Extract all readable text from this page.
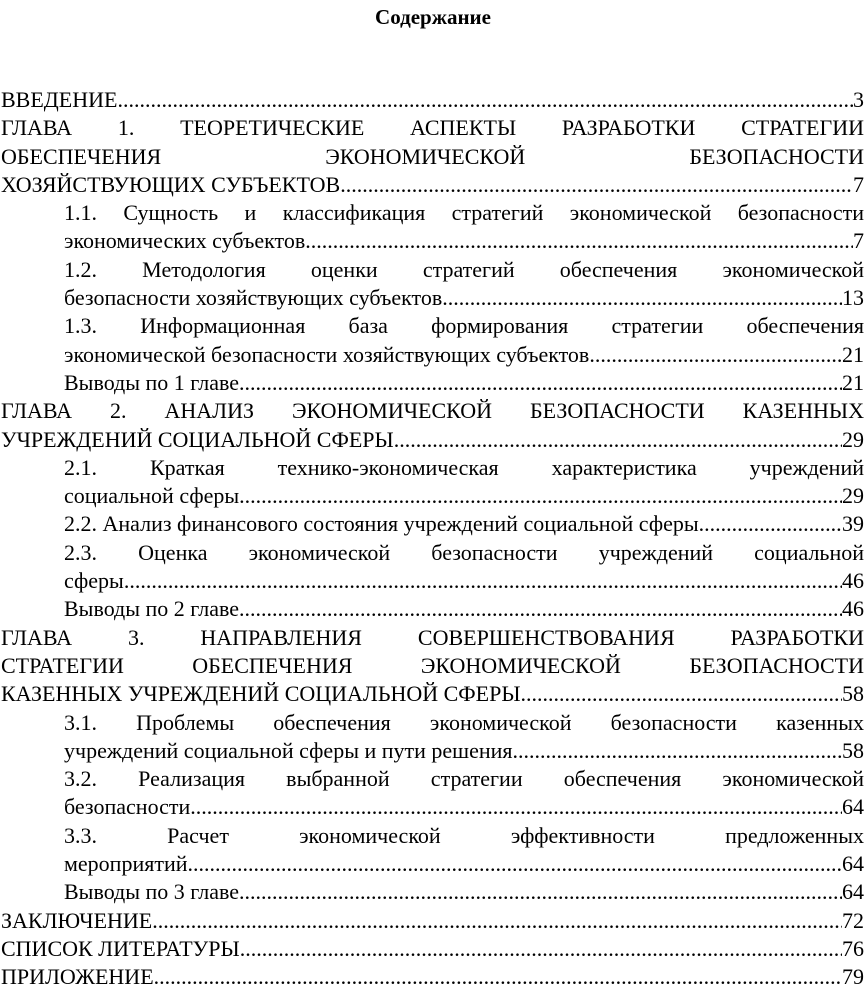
Содержание
ВВЕДЕНИЕ .....	3
ГЛАВА 1. ТЕОРЕТИЧЕСКИЕ АСПЕКТЫ РАЗРАБОТКИ СТРАТЕГИИ
ОБЕСПЕЧЕНИЯ ЭКОНОМИЧЕСКОЙ БЕЗОПАСНОСТИ
ХОЗЯЙСТВУЮЩИХ СУБЪЕКТОВ .....	7
1.1. Сущность и классификация стратегий экономической безопасности
экономических субъектов .....	7
1.2. Методология оценки стратегий обеспечения экономической
безопасности хозяйствующих субъектов .....	13
1.3. Информационная база формирования стратегии обеспечения
экономической безопасности хозяйствующих субъектов .....	21
Выводы по 1 главе .....	21
ГЛАВА 2. АНАЛИЗ ЭКОНОМИЧЕСКОЙ БЕЗОПАСНОСТИ КАЗЕННЫХ
УЧРЕЖДЕНИЙ СОЦИАЛЬНОЙ СФЕРЫ .....	29
2.1. Краткая технико-экономическая характеристика учреждений
социальной сферы .....	29
2.2. Анализ финансового состояния учреждений социальной сферы .....	39
2.3. Оценка экономической безопасности учреждений социальной
сферы .....	46
Выводы по 2 главе .....	46
ГЛАВА 3. НАПРАВЛЕНИЯ СОВЕРШЕНСТВОВАНИЯ РАЗРАБОТКИ
СТРАТЕГИИ ОБЕСПЕЧЕНИЯ ЭКОНОМИЧЕСКОЙ БЕЗОПАСНОСТИ
КАЗЕННЫХ УЧРЕЖДЕНИЙ СОЦИАЛЬНОЙ СФЕРЫ .....	58
3.1. Проблемы обеспечения экономической безопасности казенных
учреждений социальной сферы и пути решения .....	58
3.2. Реализация выбранной стратегии обеспечения экономической
безопасности .....	64
3.3. Расчет экономической эффективности предложенных
мероприятий .....	64
Выводы по 3 главе .....	64
ЗАКЛЮЧЕНИЕ .....	72
СПИСОК ЛИТЕРАТУРЫ .....	76
ПРИЛОЖЕНИЕ .....	79
